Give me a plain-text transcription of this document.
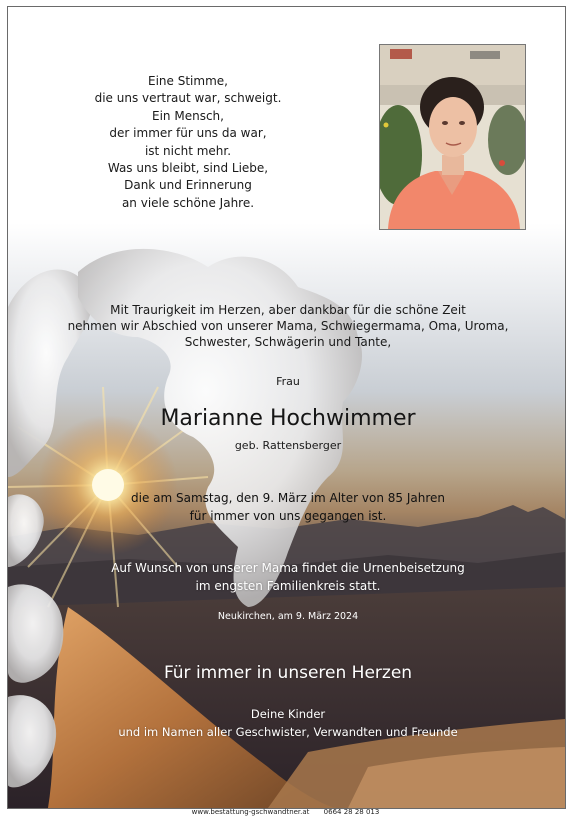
Eine Stimme,
die uns vertraut war, schweigt.
Ein Mensch,
der immer für uns da war,
ist nicht mehr.
Was uns bleibt, sind Liebe,
Dank und Erinnerung
an viele schöne Jahre.
Mit Traurigkeit im Herzen, aber dankbar für die schöne Zeit
nehmen wir Abschied von unserer Mama, Schwiegermama, Oma, Uroma,
Schwester, Schwägerin und Tante,
Frau
Marianne Hochwimmer
geb. Rattensberger
die am Samstag, den 9. März im Alter von 85 Jahren
für immer von uns gegangen ist.
Auf Wunsch von unserer Mama findet die Urnenbeisetzung
im engsten Familienkreis statt.
Neukirchen, am 9. März 2024
Für immer in unseren Herzen
Deine Kinder
und im Namen aller Geschwister, Verwandten und Freunde
www.bestattung-gschwandtner.at 0664 28 28 013
